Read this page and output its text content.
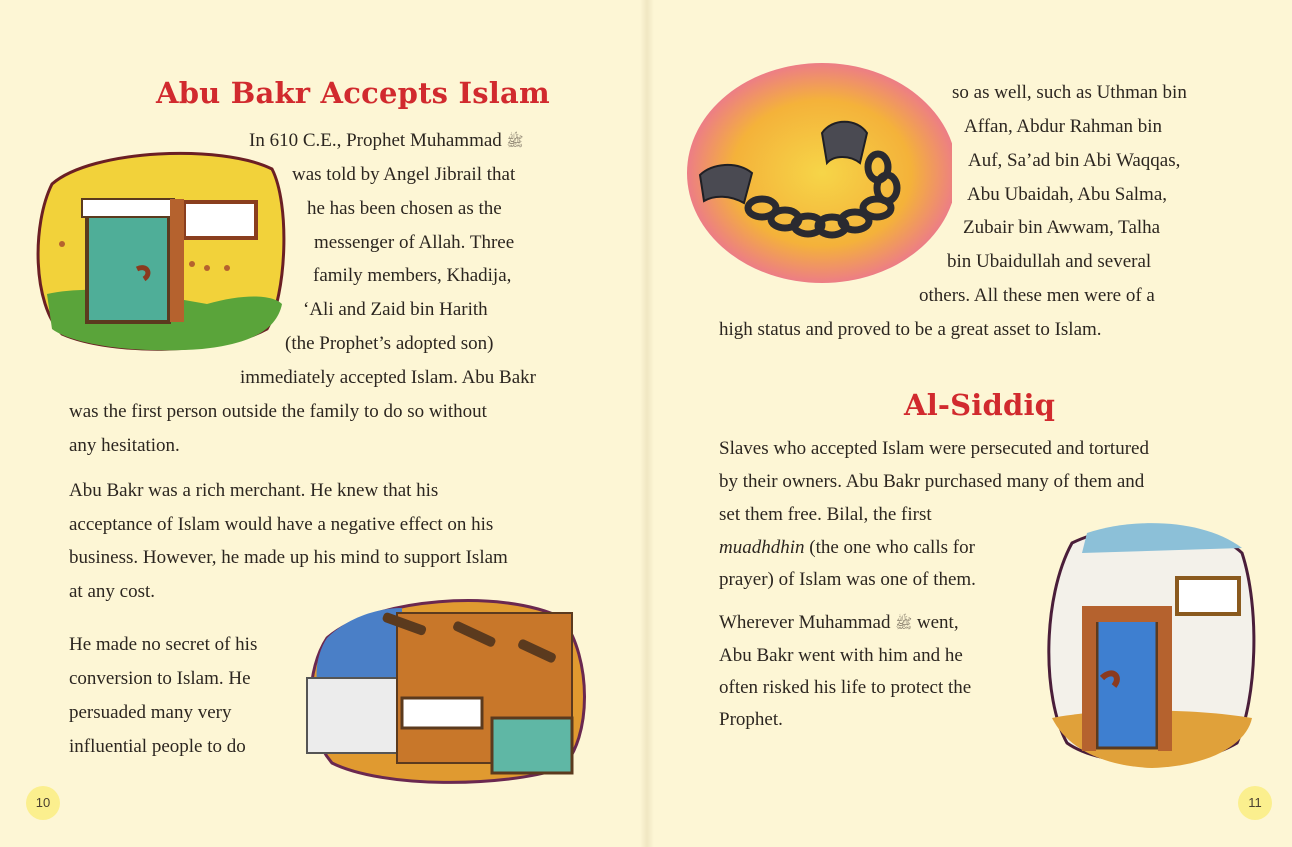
Abu Bakr Accepts Islam
In 610 C.E., Prophet Muhammad ﷺ
was told by Angel Jibrail that
he has been chosen as the
messenger of Allah. Three
family members, Khadija,
‘Ali and Zaid bin Harith
(the Prophet’s adopted son)
immediately accepted Islam. Abu Bakr
was the first person outside the family to do so without
any hesitation.
Abu Bakr was a rich merchant. He knew that his
acceptance of Islam would have a negative effect on his
business. However, he made up his mind to support Islam
at any cost.
He made no secret of his
conversion to Islam. He
persuaded many very
influential people to do
10
so as well, such as Uthman bin
Affan, Abdur Rahman bin
Auf, Sa’ad bin Abi Waqqas,
Abu Ubaidah, Abu Salma,
Zubair bin Awwam, Talha
bin Ubaidullah and several
others. All these men were of a
high status and proved to be a great asset to Islam.
Al-Siddiq
Slaves who accepted Islam were persecuted and tortured
by their owners. Abu Bakr purchased many of them and
set them free. Bilal, the first
muadhdhin (the one who calls for
prayer) of Islam was one of them.
Wherever Muhammad ﷺ went,
Abu Bakr went with him and he
often risked his life to protect the
Prophet.
11
